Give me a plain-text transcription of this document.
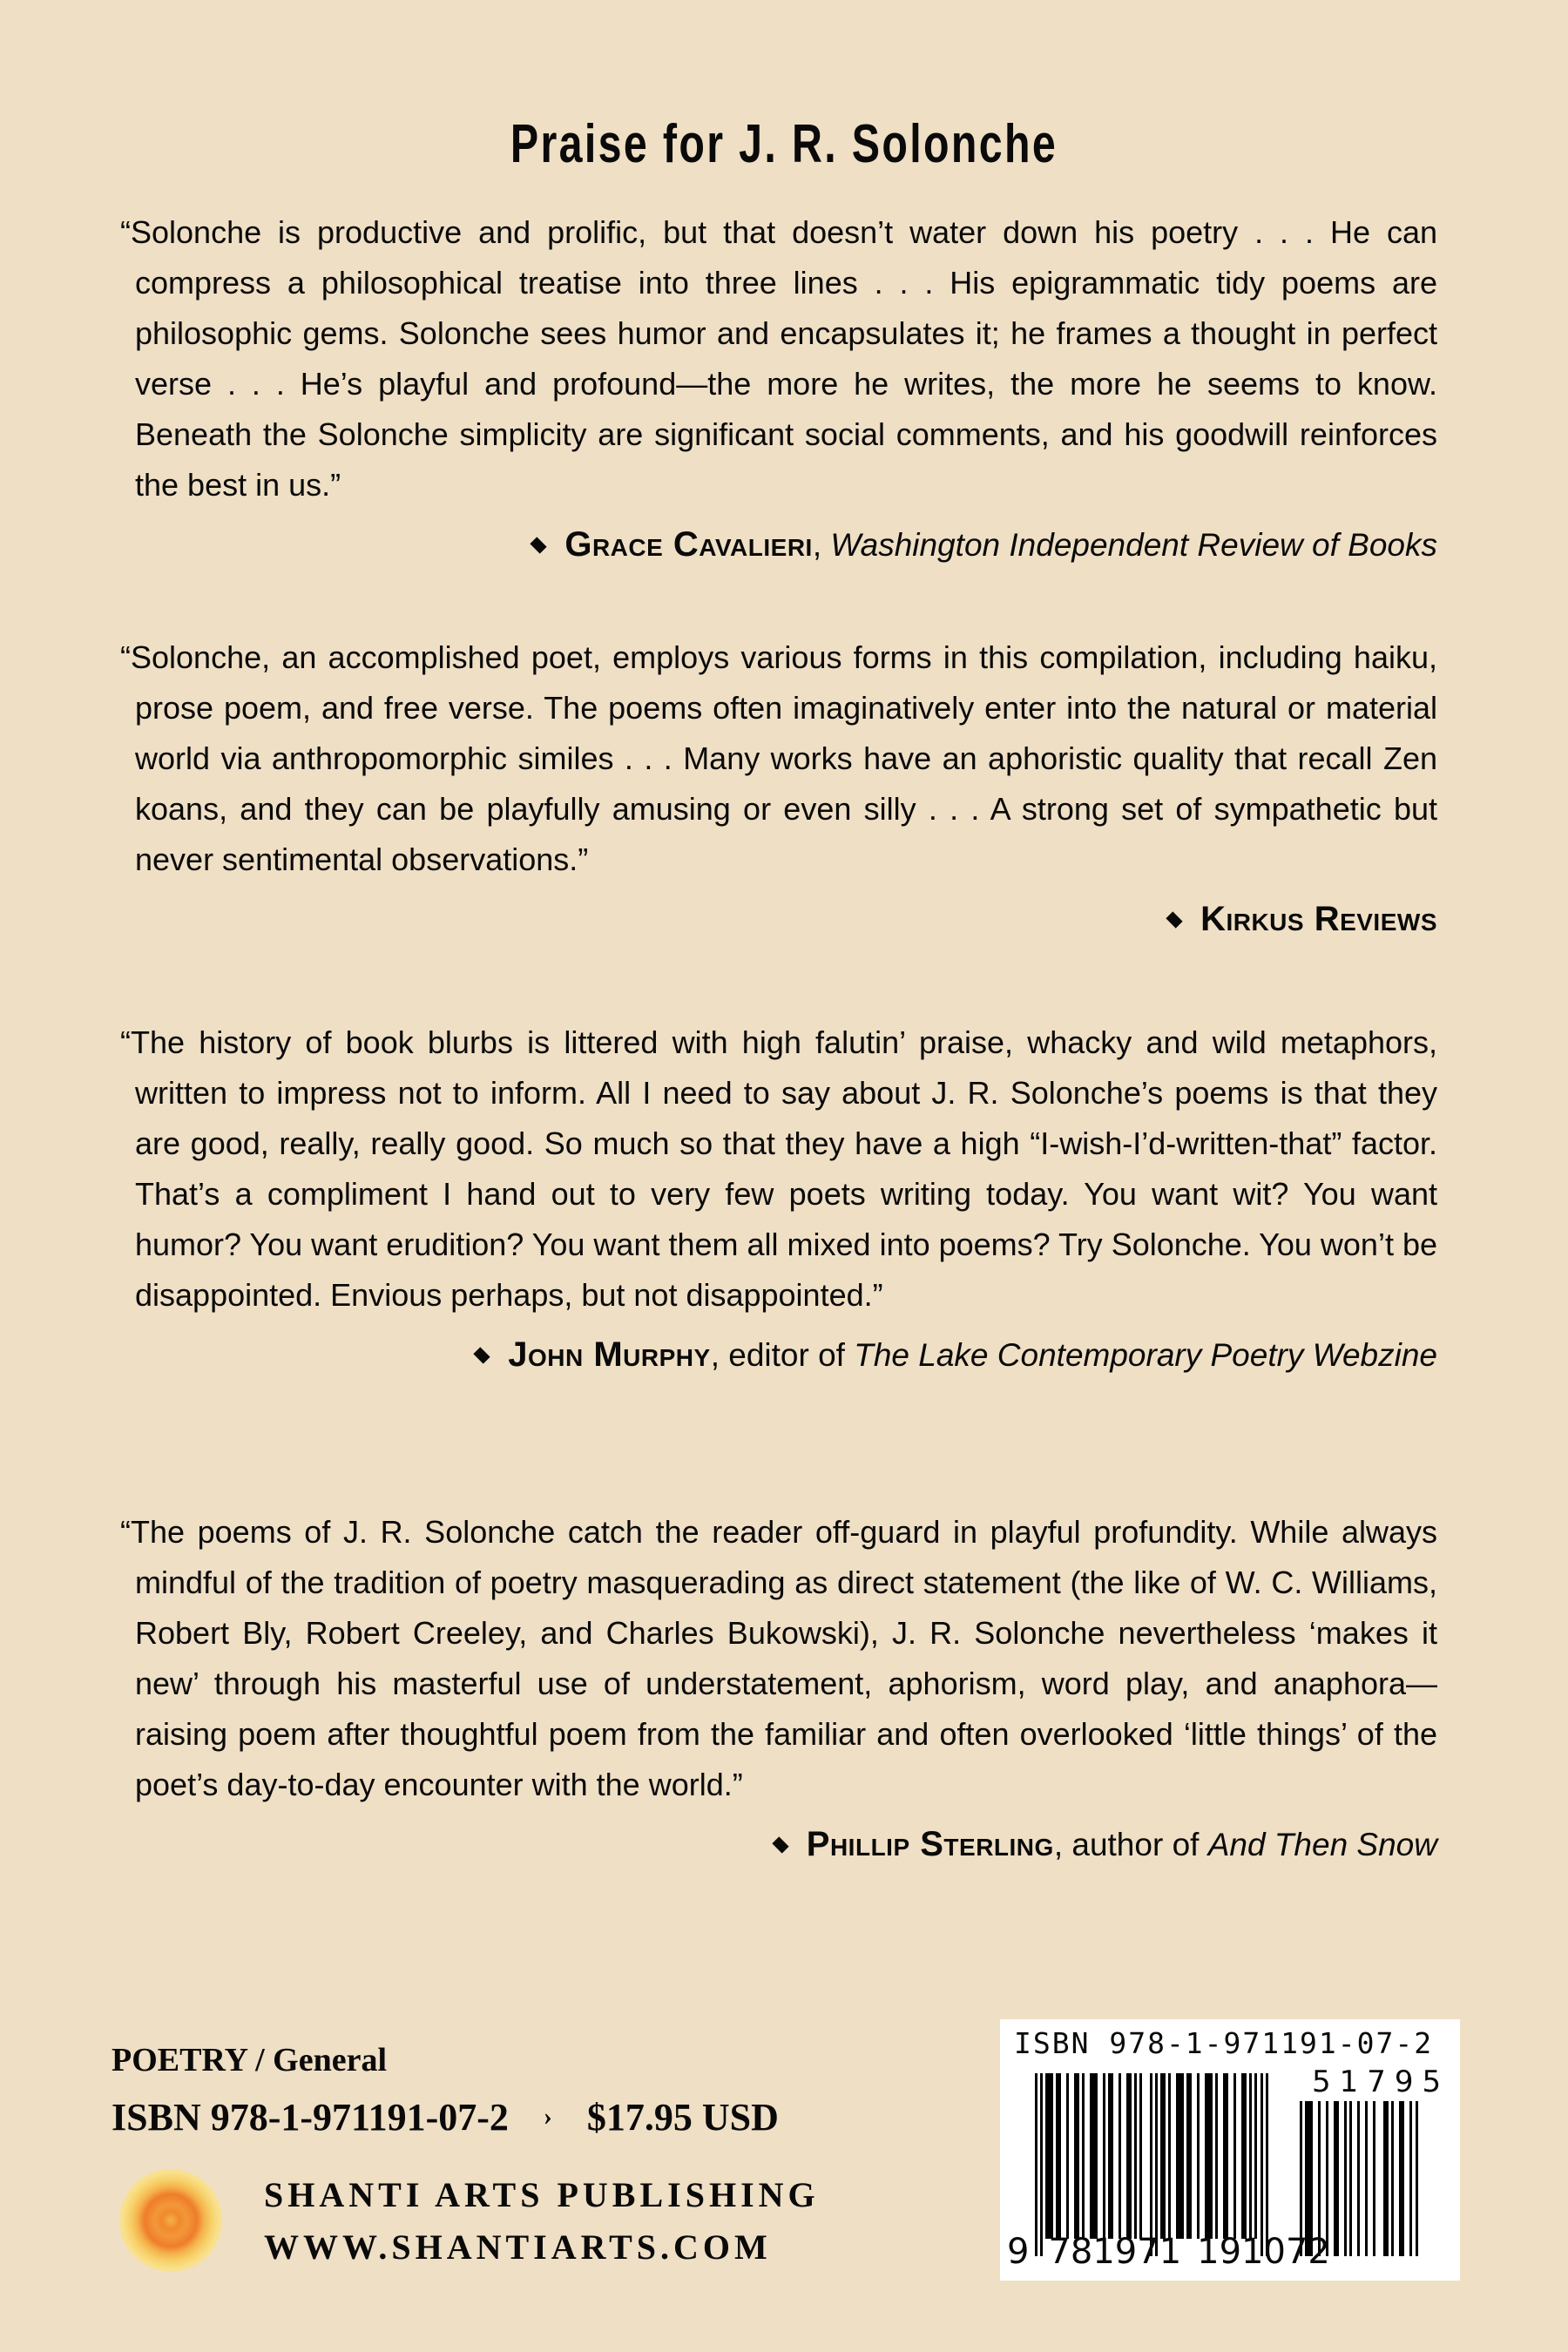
Praise for J. R. Solonche

“Solonche is productive and prolific, but that doesn’t water down his poetry . . . He can compress a philosophical treatise into three lines . . . His epigrammatic tidy poems are philosophic gems. Solonche sees humor and encapsulates it; he frames a thought in perfect verse . . . He’s playful and profound—the more he writes, the more he seems to know. Beneath the Solonche simplicity are significant social comments, and his goodwill reinforces the best in us.”

Grace Cavalieri, Washington Independent Review of Books

“Solonche, an accomplished poet, employs various forms in this compilation, including haiku, prose poem, and free verse. The poems often imaginatively enter into the natural or material world via anthropomorphic similes . . . Many works have an aphoristic quality that recall Zen koans, and they can be playfully amusing or even silly . . . A strong set of sympathetic but never sentimental observations.”

Kirkus Reviews

“The history of book blurbs is littered with high falutin’ praise, whacky and wild metaphors, written to impress not to inform. All I need to say about J. R. Solonche’s poems is that they are good, really, really good. So much so that they have a high “I-wish-I’d-written-that” factor. That’s a compliment I hand out to very few poets writing today. You want wit? You want humor? You want erudition? You want them all mixed into poems? Try Solonche. You won’t be disappointed. Envious perhaps, but not disappointed.”

John Murphy, editor of The Lake Contemporary Poetry Webzine

“The poems of J. R. Solonche catch the reader off-guard in playful profundity. While always mindful of the tradition of poetry masquerading as direct statement (the like of W. C. Williams, Robert Bly, Robert Creeley, and Charles Bukowski), J. R. Solonche nevertheless ‘makes it new’ through his masterful use of understatement, aphorism, word play, and anaphora—raising poem after thoughtful poem from the familiar and often overlooked ‘little things’ of the poet’s day-to-day encounter with the world.”

Phillip Sterling, author of And Then Snow
POETRY / General
ISBN 978-1-971191-07-2 › $17.95 USD
SHANTI ARTS PUBLISHING
WWW.SHANTIARTS.COM
ISBN 978-1-971191-07-2
51795
9 781971 191072
